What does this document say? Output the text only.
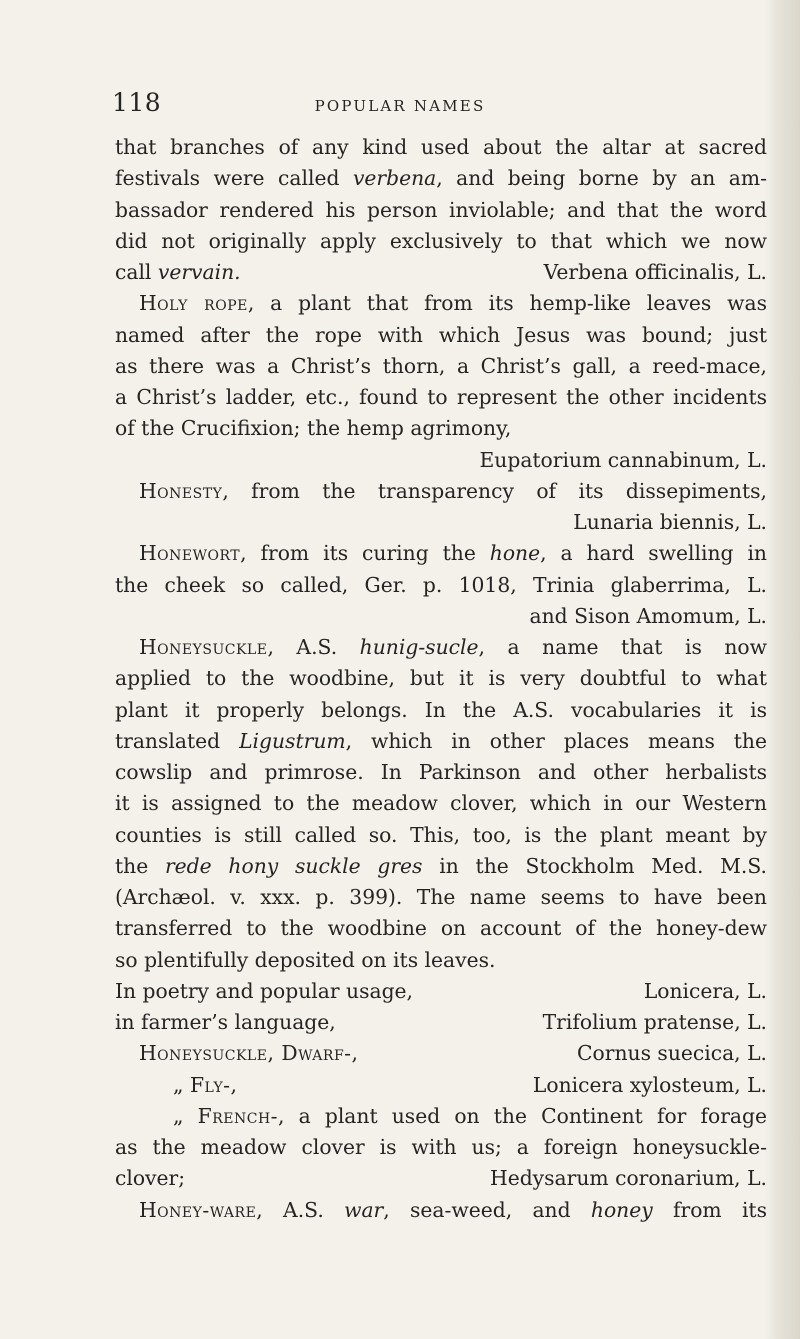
118	POPULAR NAMES
that branches of any kind used about the altar at sacred
festivals were called verbena, and being borne by an am-
bassador rendered his person inviolable; and that the word
did not originally apply exclusively to that which we now
call vervain.	Verbena officinalis, L.
Holy rope, a plant that from its hemp-like leaves was
named after the rope with which Jesus was bound; just
as there was a Christ’s thorn, a Christ’s gall, a reed-mace,
a Christ’s ladder, etc., found to represent the other incidents
of the Crucifixion; the hemp agrimony,
Eupatorium cannabinum, L.
Honesty, from the transparency of its dissepiments,
Lunaria biennis, L.
Honewort, from its curing the hone, a hard swelling in
the cheek so called, Ger. p. 1018, Trinia glaberrima, L.
and Sison Amomum, L.
Honeysuckle, A.S. hunig-sucle, a name that is now
applied to the woodbine, but it is very doubtful to what
plant it properly belongs. In the A.S. vocabularies it is
translated Ligustrum, which in other places means the
cowslip and primrose. In Parkinson and other herbalists
it is assigned to the meadow clover, which in our Western
counties is still called so. This, too, is the plant meant by
the rede hony suckle gres in the Stockholm Med. M.S.
(Archæol. v. xxx. p. 399). The name seems to have been
transferred to the woodbine on account of the honey-dew
so plentifully deposited on its leaves.
In poetry and popular usage,	Lonicera, L.
in farmer’s language,	Trifolium pratense, L.
Honeysuckle, Dwarf-,	Cornus suecica, L.
„ Fly-,	Lonicera xylosteum, L.
„ French-, a plant used on the Continent for forage
as the meadow clover is with us; a foreign honeysuckle-
clover;	Hedysarum coronarium, L.
Honey-ware, A.S. war, sea-weed, and honey from its
